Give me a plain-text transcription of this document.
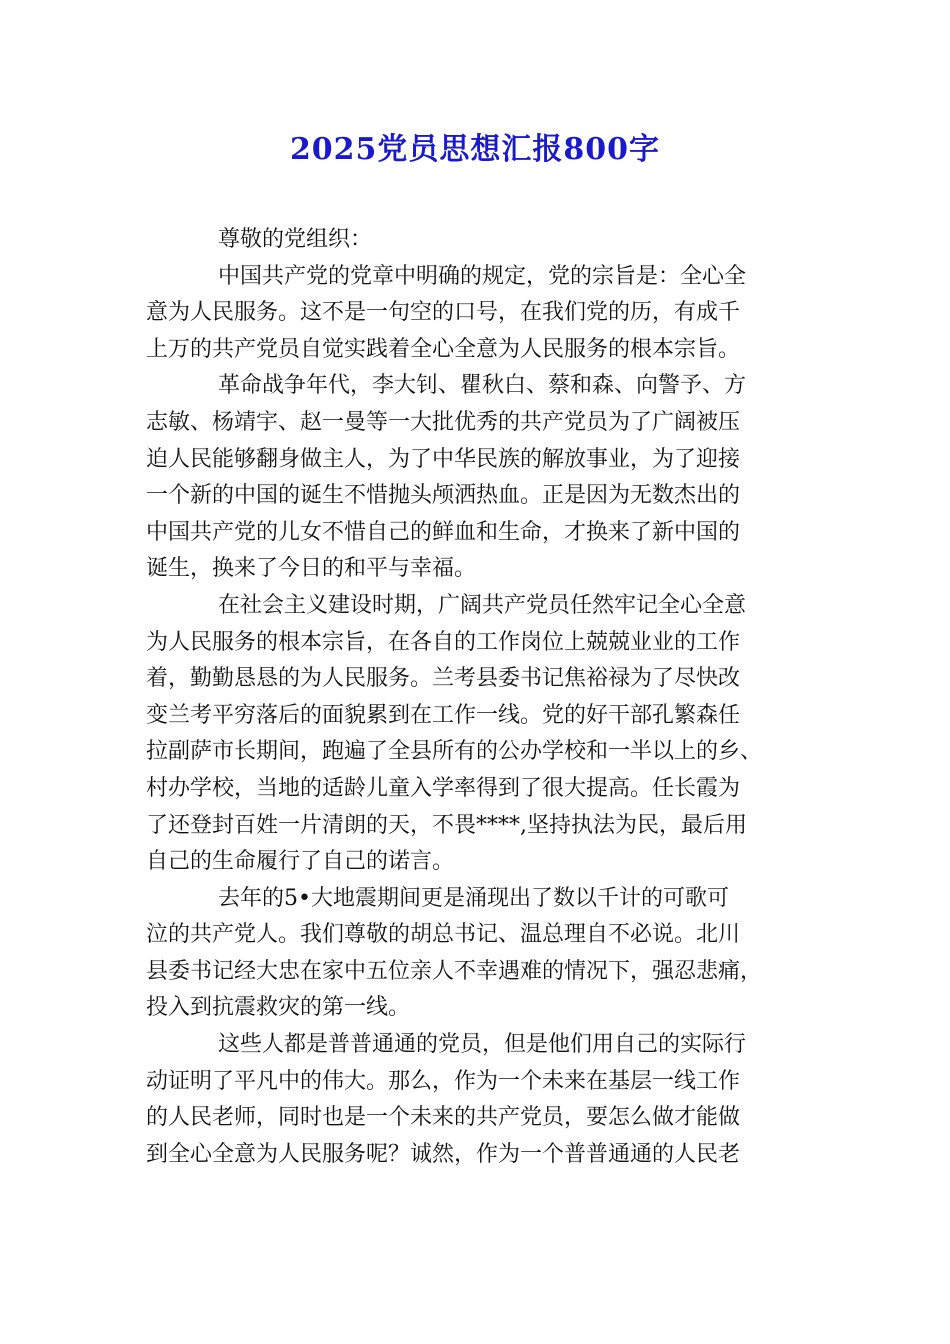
2025党员思想汇报800字

尊敬的党组织：

中国共产党的党章中明确的规定，党的宗旨是：全心全
意为人民服务。这不是一句空的口号，在我们党的历，有成千
上万的共产党员自觉实践着全心全意为人民服务的根本宗旨。

革命战争年代，李大钊、瞿秋白、蔡和森、向警予、方
志敏、杨靖宇、赵一曼等一大批优秀的共产党员为了广阔被压
迫人民能够翻身做主人，为了中华民族的解放事业，为了迎接
一个新的中国的诞生不惜抛头颅洒热血。正是因为无数杰出的
中国共产党的儿女不惜自己的鲜血和生命，才换来了新中国的
诞生，换来了今日的和平与幸福。

在社会主义建设时期，广阔共产党员任然牢记全心全意
为人民服务的根本宗旨，在各自的工作岗位上兢兢业业的工作
着，勤勤恳恳的为人民服务。兰考县委书记焦裕禄为了尽快改
变兰考平穷落后的面貌累到在工作一线。党的好干部孔繁森任
拉副萨市长期间，跑遍了全县所有的公办学校和一半以上的乡、
村办学校，当地的适龄儿童入学率得到了很大提高。任长霞为
了还登封百姓一片清朗的天，不畏****,坚持执法为民，最后用
自己的生命履行了自己的诺言。

去年的5•大地震期间更是涌现出了数以千计的可歌可
泣的共产党人。我们尊敬的胡总书记、温总理自不必说。北川
县委书记经大忠在家中五位亲人不幸遇难的情况下，强忍悲痛，
投入到抗震救灾的第一线。

这些人都是普普通通的党员，但是他们用自己的实际行
动证明了平凡中的伟大。那么，作为一个未来在基层一线工作
的人民老师，同时也是一个未来的共产党员，要怎么做才能做
到全心全意为人民服务呢？诚然，作为一个普普通通的人民老
